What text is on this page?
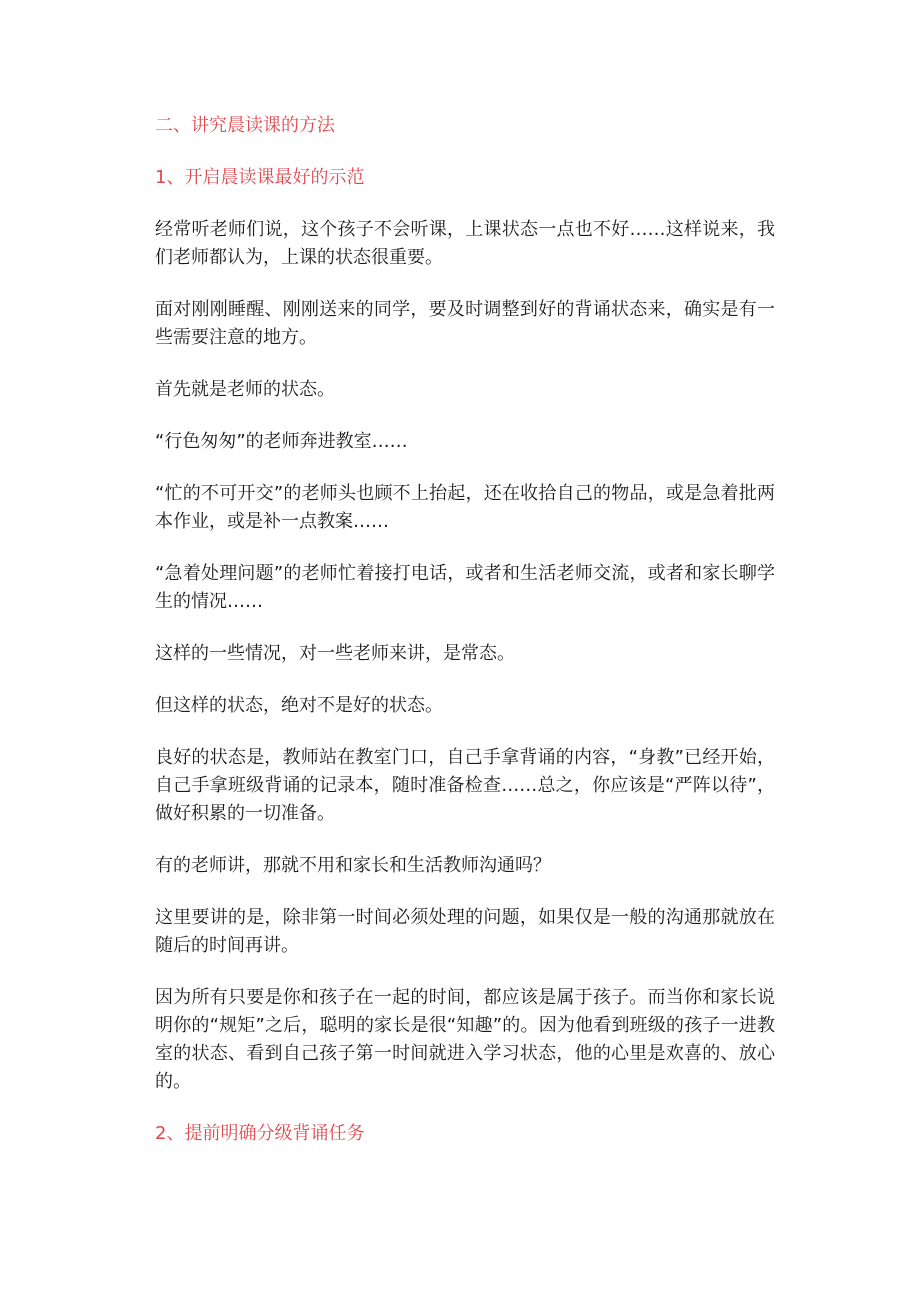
二、讲究晨读课的方法
1、开启晨读课最好的示范

经常听老师们说，这个孩子不会听课，上课状态一点也不好……这样说来，我们老师都认为，上课的状态很重要。

面对刚刚睡醒、刚刚送来的同学，要及时调整到好的背诵状态来，确实是有一些需要注意的地方。

首先就是老师的状态。

“行色匆匆”的老师奔进教室……

“忙的不可开交”的老师头也顾不上抬起，还在收拾自己的物品，或是急着批两本作业，或是补一点教案……

“急着处理问题”的老师忙着接打电话，或者和生活老师交流，或者和家长聊学生的情况……

这样的一些情况，对一些老师来讲，是常态。

但这样的状态，绝对不是好的状态。

良好的状态是，教师站在教室门口，自己手拿背诵的内容，“身教”已经开始，自己手拿班级背诵的记录本，随时准备检查……总之，你应该是“严阵以待”，做好积累的一切准备。

有的老师讲，那就不用和家长和生活教师沟通吗？

这里要讲的是，除非第一时间必须处理的问题，如果仅是一般的沟通那就放在随后的时间再讲。

因为所有只要是你和孩子在一起的时间，都应该是属于孩子。而当你和家长说明你的“规矩”之后，聪明的家长是很“知趣”的。因为他看到班级的孩子一进教室的状态、看到自己孩子第一时间就进入学习状态，他的心里是欢喜的、放心的。

2、提前明确分级背诵任务
